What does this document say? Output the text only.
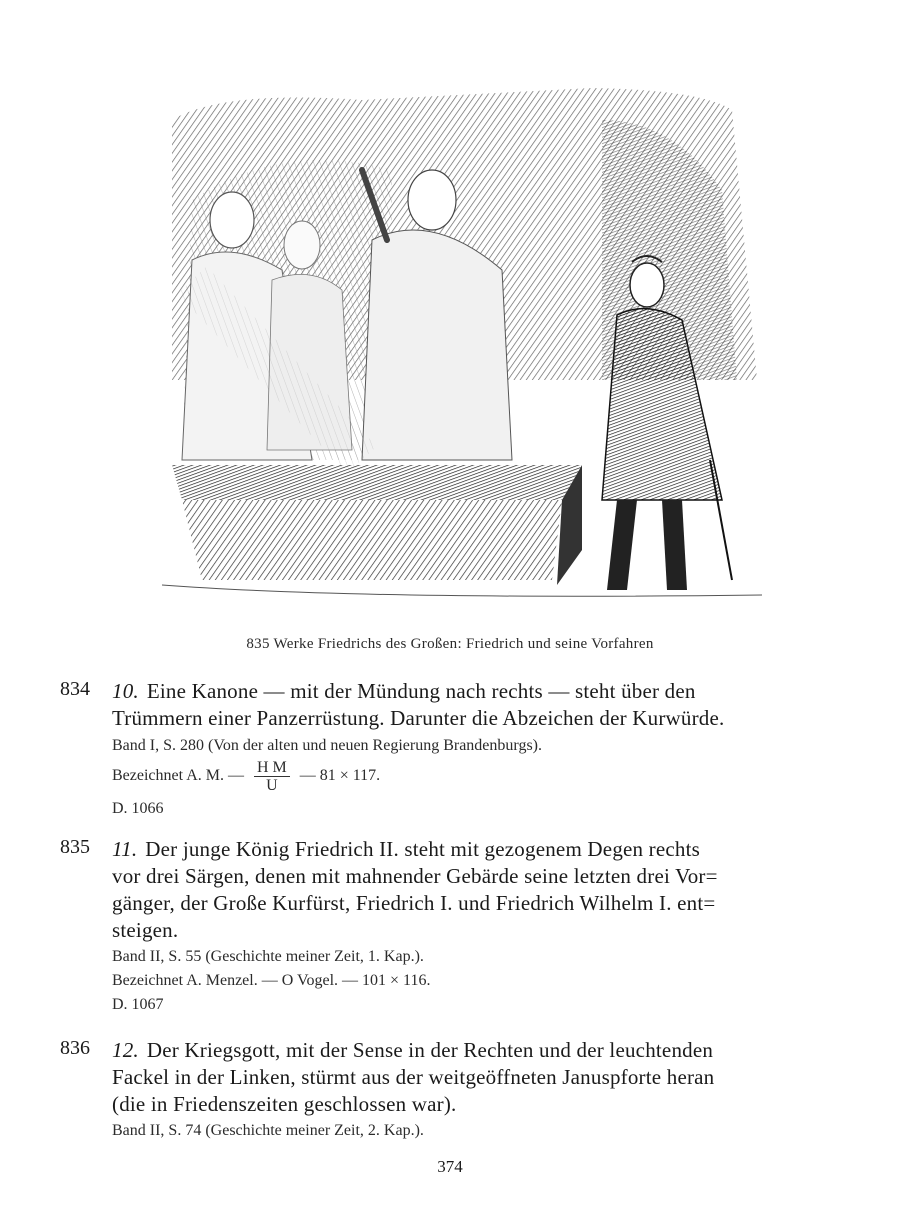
835 Werke Friedrichs des Großen: Friedrich und seine Vorfahren
834	10. Eine Kanone — mit der Mündung nach rechts — steht über den
Trümmern einer Panzerrüstung. Darunter die Abzeichen der Kurwürde.
Band I, S. 280 (Von der alten und neuen Regierung Brandenburgs).
Bezeichnet A. M. — $\frac{\text{H M}}{U}$ — 81 × 117.
D. 1066
835	11. Der junge König Friedrich II. steht mit gezogenem Degen rechts
vor drei Särgen, denen mit mahnender Gebärde seine letzten drei Vor=
gänger, der Große Kurfürst, Friedrich I. und Friedrich Wilhelm I. ent=
steigen.
Band II, S. 55 (Geschichte meiner Zeit, 1. Kap.).
Bezeichnet A. Menzel. — O Vogel. — 101 × 116.
D. 1067
836	12. Der Kriegsgott, mit der Sense in der Rechten und der leuchtenden
Fackel in der Linken, stürmt aus der weitgeöffneten Januspforte heran
(die in Friedenszeiten geschlossen war).
Band II, S. 74 (Geschichte meiner Zeit, 2. Kap.).
374
